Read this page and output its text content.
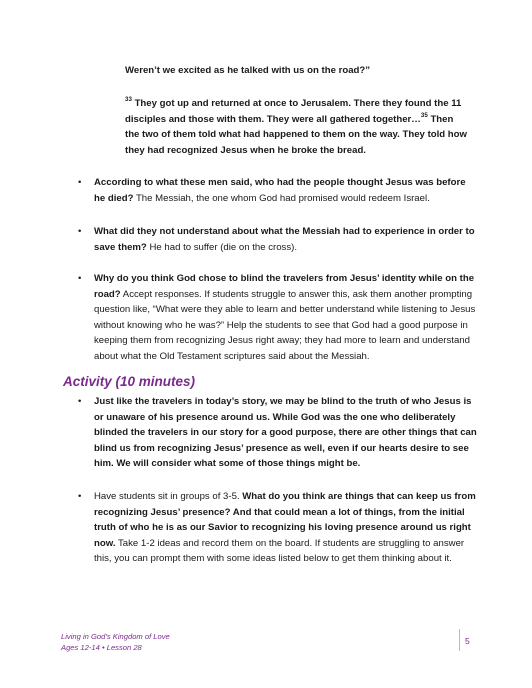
Weren’t we excited as he talked with us on the road?”
$^{33}$ They got up and returned at once to Jerusalem. There they found the 11 disciples and those with them. They were all gathered together…$^{35}$ Then the two of them told what had happened to them on the way. They told how they had recognized Jesus when he broke the bread.
•	According to what these men said, who had the people thought Jesus was before he died? The Messiah, the one whom God had promised would redeem Israel.
•	What did they not understand about what the Messiah had to experience in order to save them? He had to suffer (die on the cross).
•	Why do you think God chose to blind the travelers from Jesus’ identity while on the road? Accept responses. If students struggle to answer this, ask them another prompting question like, “What were they able to learn and better understand while listening to Jesus without knowing who he was?” Help the students to see that God had a good purpose in keeping them from recognizing Jesus right away; they had more to learn and understand about what the Old Testament scriptures said about the Messiah.
Activity (10 minutes)
•	Just like the travelers in today’s story, we may be blind to the truth of who Jesus is or unaware of his presence around us. While God was the one who deliberately blinded the travelers in our story for a good purpose, there are other things that can blind us from recognizing Jesus’ presence as well, even if our hearts desire to see him. We will consider what some of those things might be.
•	Have students sit in groups of 3-5. What do you think are things that can keep us from recognizing Jesus’ presence? And that could mean a lot of things, from the initial truth of who he is as our Savior to recognizing his loving presence around us right now. Take 1-2 ideas and record them on the board. If students are struggling to answer this, you can prompt them with some ideas listed below to get them thinking about it.
Living in God’s Kingdom of Love
Ages 12-14 • Lesson 28
5
